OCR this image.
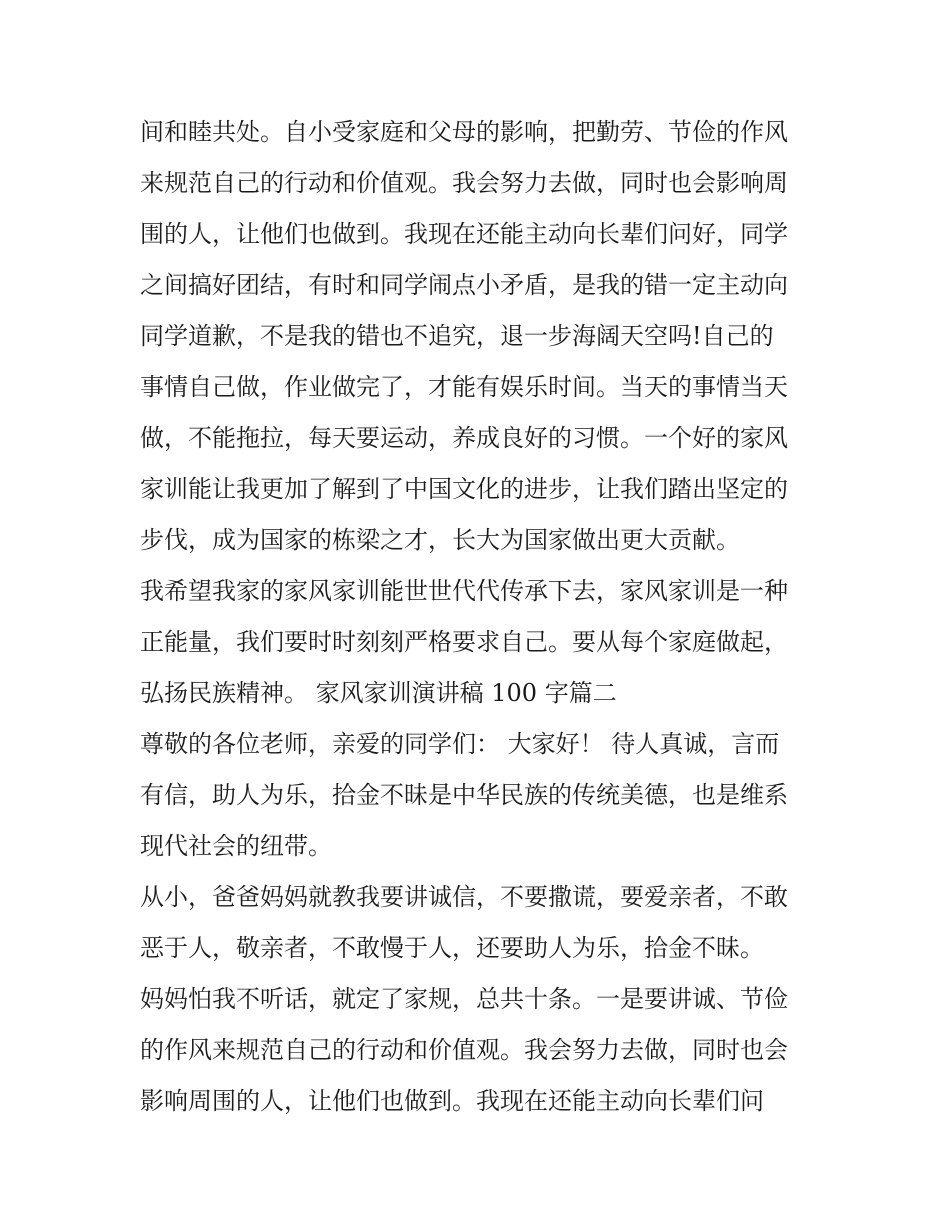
间和睦共处。自小受家庭和父母的影响，把勤劳、节俭的作风
来规范自己的行动和价值观。我会努力去做，同时也会影响周
围的人，让他们也做到。我现在还能主动向长辈们问好，同学
之间搞好团结，有时和同学闹点小矛盾，是我的错一定主动向
同学道歉，不是我的错也不追究，退一步海阔天空吗!自己的
事情自己做，作业做完了，才能有娱乐时间。当天的事情当天
做，不能拖拉，每天要运动，养成良好的习惯。一个好的家风
家训能让我更加了解到了中国文化的进步，让我们踏出坚定的
步伐，成为国家的栋梁之才，长大为国家做出更大贡献。

我希望我家的家风家训能世世代代传承下去，家风家训是一种
正能量，我们要时时刻刻严格要求自己。要从每个家庭做起，
弘扬民族精神。 家风家训演讲稿 100 字篇二

尊敬的各位老师，亲爱的同学们： 大家好！ 待人真诚，言而
有信，助人为乐，拾金不昧是中华民族的传统美德，也是维系
现代社会的纽带。

从小，爸爸妈妈就教我要讲诚信，不要撒谎，要爱亲者，不敢
恶于人，敬亲者，不敢慢于人，还要助人为乐，拾金不昧。

妈妈怕我不听话，就定了家规，总共十条。一是要讲诚、节俭
的作风来规范自己的行动和价值观。我会努力去做，同时也会
影响周围的人，让他们也做到。我现在还能主动向长辈们问
